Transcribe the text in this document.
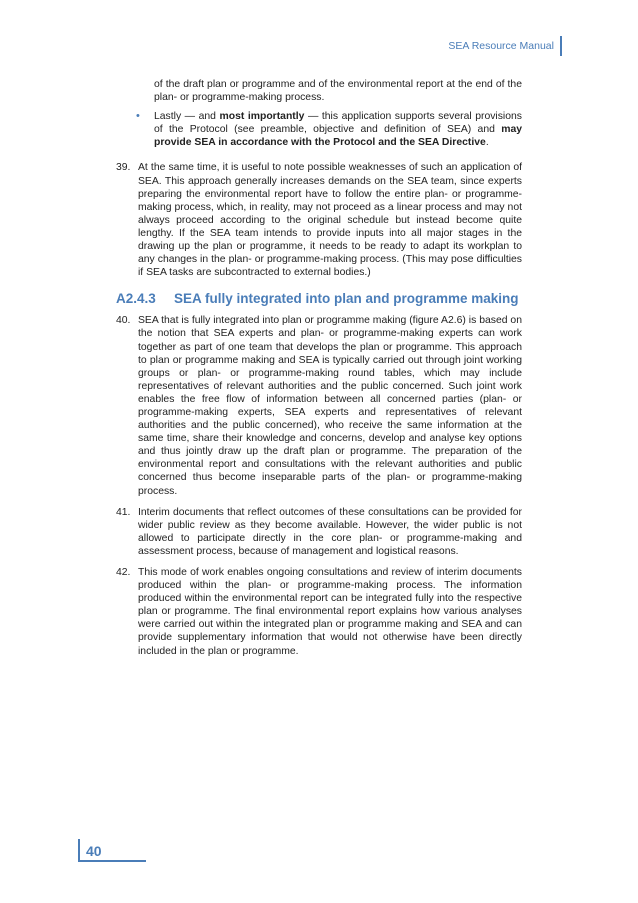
SEA Resource Manual

of the draft plan or programme and of the environmental report at the end of the plan- or programme-making process.

• Lastly — and most importantly — this application supports several provisions of the Protocol (see preamble, objective and definition of SEA) and may provide SEA in accordance with the Protocol and the SEA Directive.
39. At the same time, it is useful to note possible weaknesses of such an application of SEA. This approach generally increases demands on the SEA team, since experts preparing the environmental report have to follow the entire plan- or programme-making process, which, in reality, may not proceed as a linear process and may not always proceed according to the original schedule but instead become quite lengthy. If the SEA team intends to provide inputs into all major stages in the drawing up the plan or programme, it needs to be ready to adapt its workplan to any changes in the plan- or programme-making process. (This may pose difficulties if SEA tasks are subcontracted to external bodies.)
A2.4.3 SEA fully integrated into plan and programme making
40. SEA that is fully integrated into plan or programme making (figure A2.6) is based on the notion that SEA experts and plan- or programme-making experts can work together as part of one team that develops the plan or programme. This approach to plan or programme making and SEA is typically carried out through joint working groups or plan- or programme-making round tables, which may include representatives of relevant authorities and the public concerned. Such joint work enables the free flow of information between all concerned parties (plan- or programme-making experts, SEA experts and representatives of relevant authorities and the public concerned), who receive the same information at the same time, share their knowledge and concerns, develop and analyse key options and thus jointly draw up the draft plan or programme. The preparation of the environmental report and consultations with the relevant authorities and public concerned thus become inseparable parts of the plan- or programme-making process.
41. Interim documents that reflect outcomes of these consultations can be provided for wider public review as they become available. However, the wider public is not allowed to participate directly in the core plan- or programme-making and assessment process, because of management and logistical reasons.
42. This mode of work enables ongoing consultations and review of interim documents produced within the plan- or programme-making process. The information produced within the environmental report can be integrated fully into the respective plan or programme. The final environmental report explains how various analyses were carried out within the integrated plan or programme making and SEA and can provide supplementary information that would not otherwise have been directly included in the plan or programme.
40
